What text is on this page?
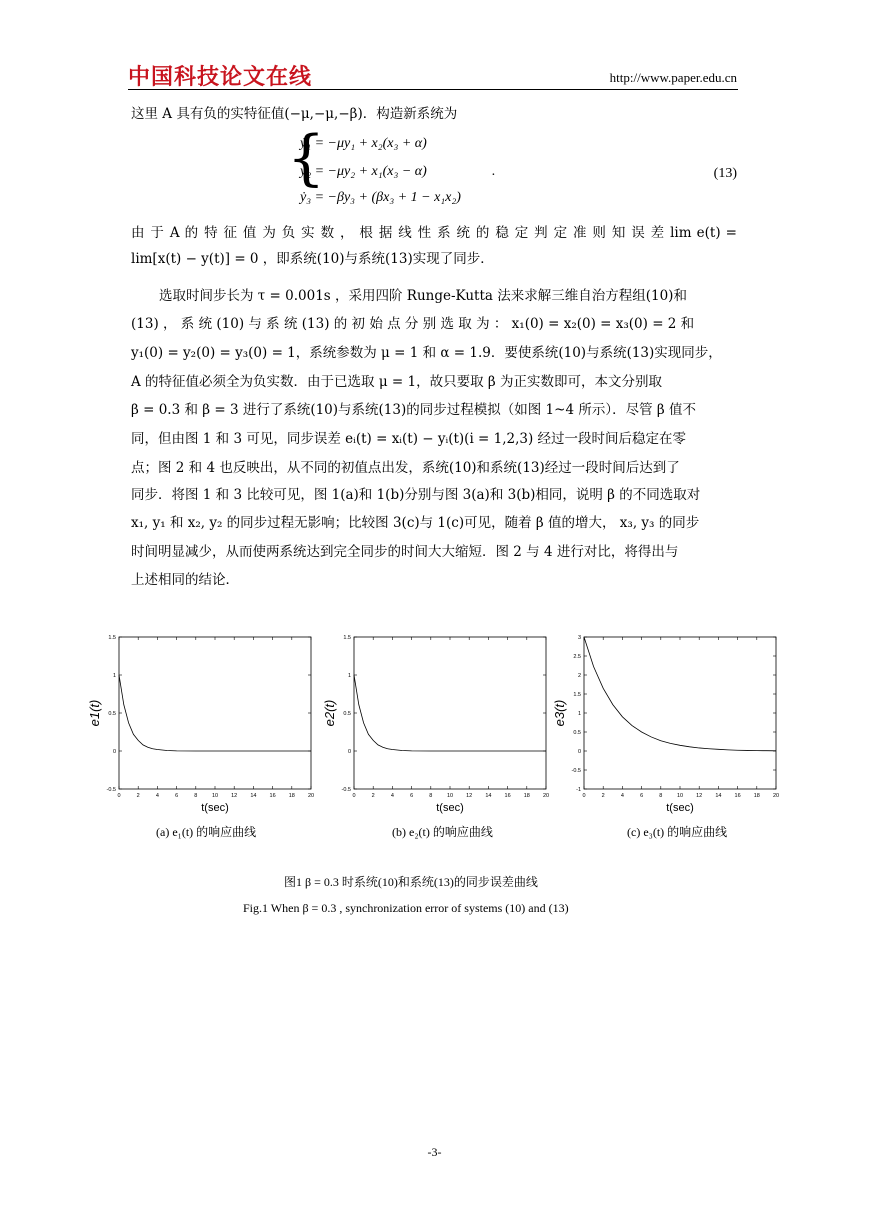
中国科技论文在线	http://www.paper.edu.cn
这里 A 具有负的实特征值(−μ,−μ,−β)．构造新系统为
{
ẏ₁ = −μy₁ + x₂(x₃ + α)
ẏ₂ = −μy₂ + x₁(x₃ − α)
ẏ₃ = −βy₃ + (βx₃ + 1 − x₁x₂)
.	(13)
由 于 A 的 特 征 值 为 负 实 数 ， 根 据 线 性 系 统 的 稳 定 判 定 准 则 知 误 差 lim e(t) = lim[x(t) − y(t)] = 0 ，即系统(10)与系统(13)实现了同步．
选取时间步长为 τ = 0.001s ，采用四阶 Runge-Kutta 法来求解三维自治方程组(10)和
(13) ， 系 统 (10) 与 系 统 (13) 的 初 始 点 分 别 选 取 为 ： x₁(0) = x₂(0) = x₃(0) = 2 和
y₁(0) = y₂(0) = y₃(0) = 1，系统参数为 μ = 1 和 α = 1.9．要使系统(10)与系统(13)实现同步，
A 的特征值必须全为负实数．由于已选取 μ = 1，故只要取 β 为正实数即可，本文分别取
β = 0.3 和 β = 3 进行了系统(10)与系统(13)的同步过程模拟（如图 1~4 所示）．尽管 β 值不
同，但由图 1 和 3 可见，同步误差 eᵢ(t) = xᵢ(t) − yᵢ(t)(i = 1,2,3) 经过一段时间后稳定在零
点；图 2 和 4 也反映出，从不同的初值点出发，系统(10)和系统(13)经过一段时间后达到了
同步．将图 1 和 3 比较可见，图 1(a)和 1(b)分别与图 3(a)和 3(b)相同，说明 β 的不同选取对
x₁, y₁ 和 x₂, y₂ 的同步过程无影响；比较图 3(c)与 1(c)可见，随着 β 值的增大， x₃, y₃ 的同步
时间明显减少，从而使两系统达到完全同步的时间大大缩短．图 2 与 4 进行对比，将得出与
上述相同的结论．
0	2	4	6	8	10 12 14 16 18 20
-0.5
0
0.5
1
1.5
t(sec)
e1(t)
0	2	4	6	8	10 12 14 16 18 20
-0.5
0
0.5
1
1.5
t(sec)
e2(t)
0	2	4	6	8	10 12 14 16 18 20
-1
-0.5
0
0.5
1
1.5
2
2.5
3
t(sec)
e3(t)
(a) e₁(t) 的响应曲线	(b) e₂(t) 的响应曲线	(c) e₃(t) 的响应曲线
图1 β = 0.3 时系统(10)和系统(13)的同步误差曲线
Fig.1 When β = 0.3 , synchronization error of systems (10) and (13)
-3-
